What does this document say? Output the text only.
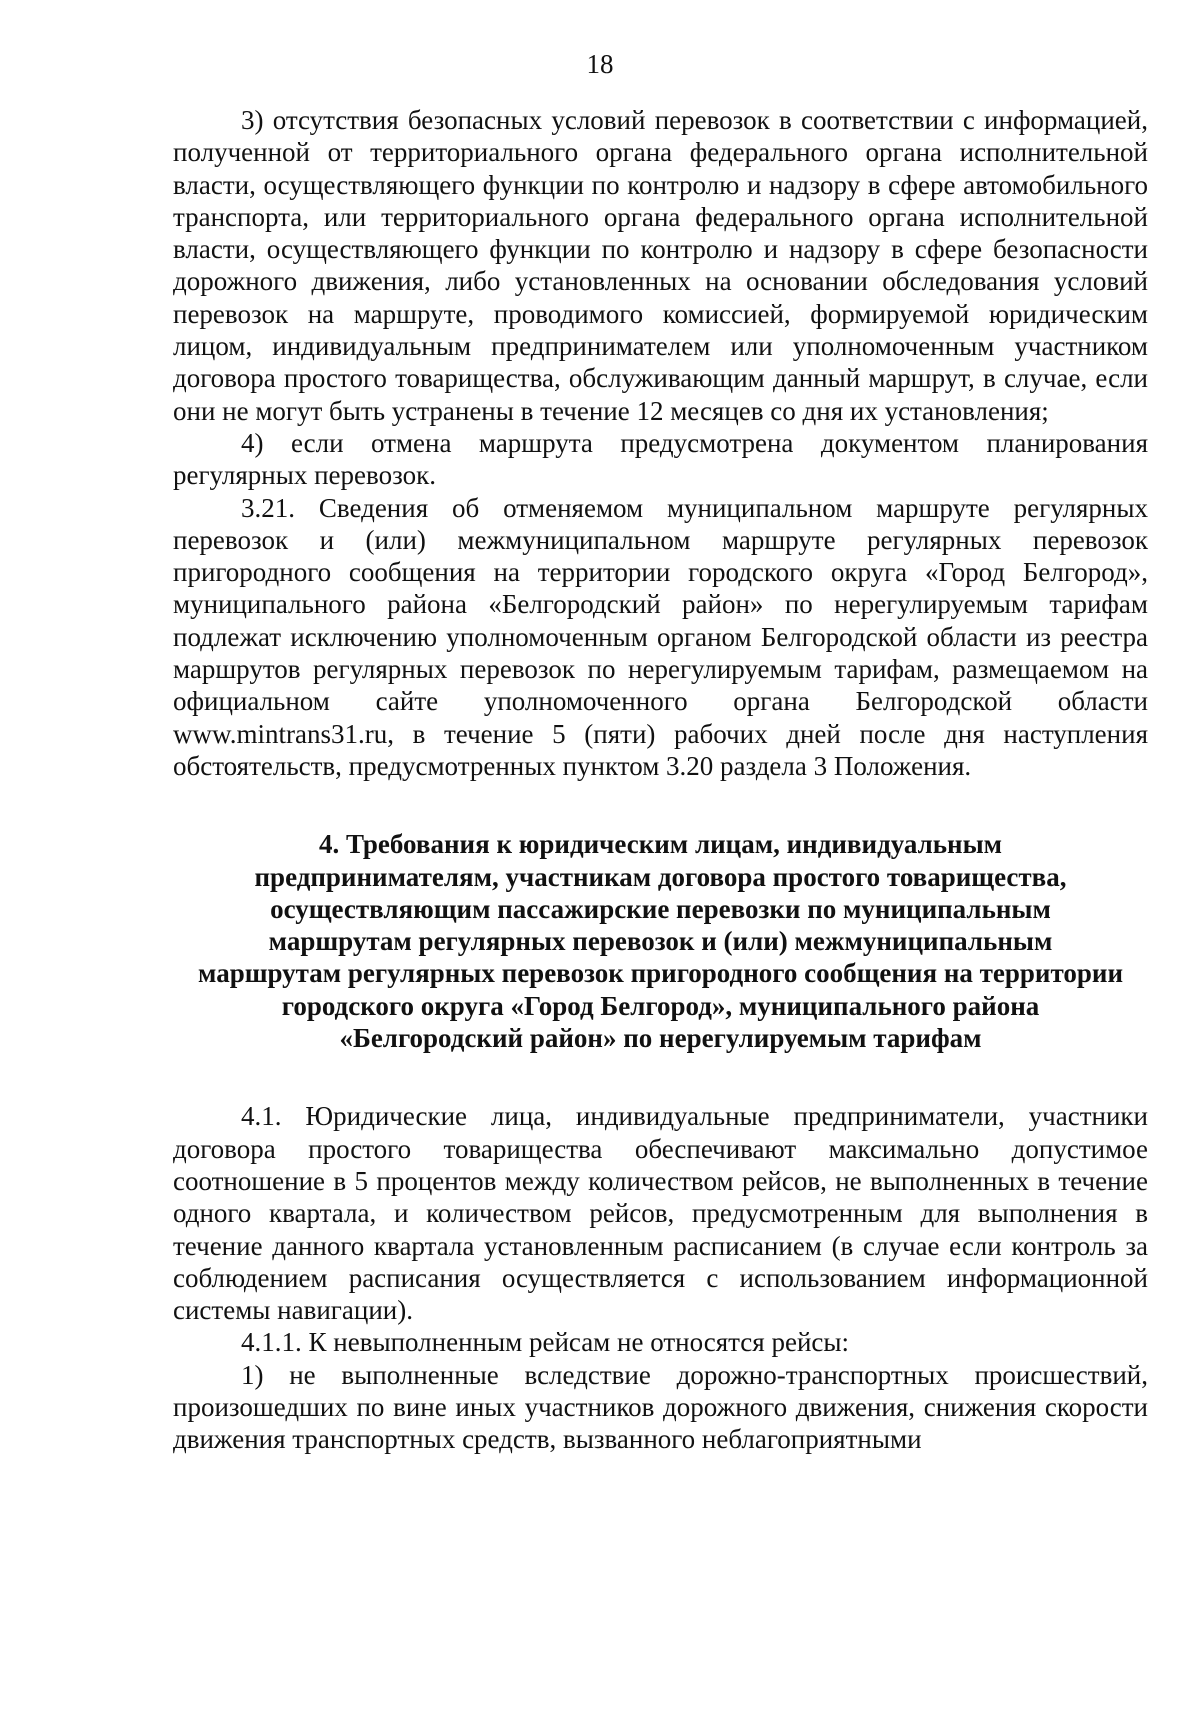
18

3) отсутствия безопасных условий перевозок в соответствии с информацией, полученной от территориального органа федерального органа исполнительной власти, осуществляющего функции по контролю и надзору в сфере автомобильного транспорта, или территориального органа федерального органа исполнительной власти, осуществляющего функции по контролю и надзору в сфере безопасности дорожного движения, либо установленных на основании обследования условий перевозок на маршруте, проводимого комиссией, формируемой юридическим лицом, индивидуальным предпринимателем или уполномоченным участником договора простого товарищества, обслуживающим данный маршрут, в случае, если они не могут быть устранены в течение 12 месяцев со дня их установления;

4) если отмена маршрута предусмотрена документом планирования регулярных перевозок.

3.21. Сведения об отменяемом муниципальном маршруте регулярных перевозок и (или) межмуниципальном маршруте регулярных перевозок пригородного сообщения на территории городского округа «Город Белгород», муниципального района «Белгородский район» по нерегулируемым тарифам подлежат исключению уполномоченным органом Белгородской области из реестра маршрутов регулярных перевозок по нерегулируемым тарифам, размещаемом на официальном сайте уполномоченного органа Белгородской области www.mintrans31.ru, в течение 5 (пяти) рабочих дней после дня наступления обстоятельств, предусмотренных пунктом 3.20 раздела 3 Положения.

4. Требования к юридическим лицам, индивидуальным
предпринимателям, участникам договора простого товарищества,
осуществляющим пассажирские перевозки по муниципальным
маршрутам регулярных перевозок и (или) межмуниципальным
маршрутам регулярных перевозок пригородного сообщения на территории
городского округа «Город Белгород», муниципального района
«Белгородский район» по нерегулируемым тарифам

4.1. Юридические лица, индивидуальные предприниматели, участники договора простого товарищества обеспечивают максимально допустимое соотношение в 5 процентов между количеством рейсов, не выполненных в течение одного квартала, и количеством рейсов, предусмотренным для выполнения в течение данного квартала установленным расписанием (в случае если контроль за соблюдением расписания осуществляется с использованием информационной системы навигации).

4.1.1. К невыполненным рейсам не относятся рейсы:

1) не выполненные вследствие дорожно-транспортных происшествий, произошедших по вине иных участников дорожного движения, снижения скорости движения транспортных средств, вызванного неблагоприятными
